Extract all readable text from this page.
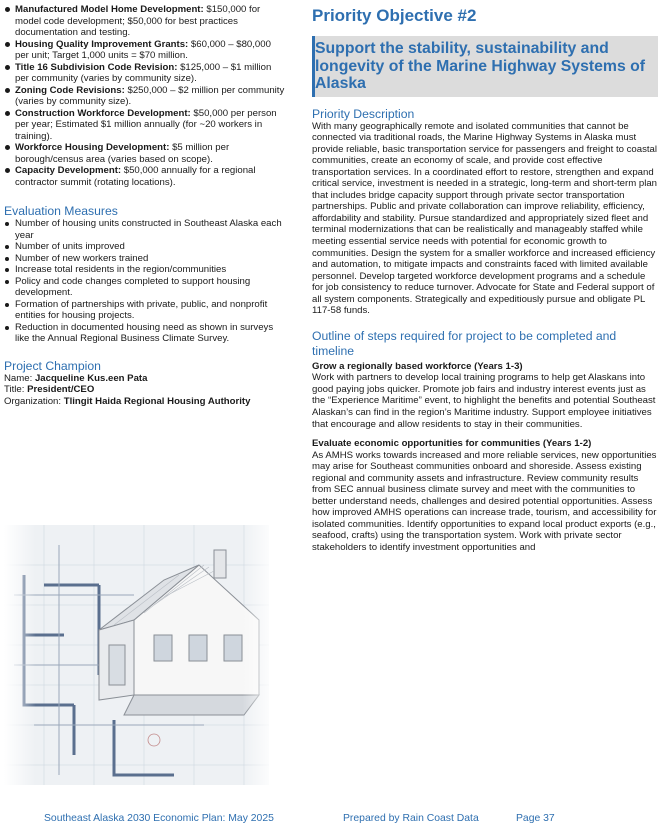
Manufactured Model Home Development: $150,000 for model code development; $50,000 for best practices documentation and testing.
Housing Quality Improvement Grants: $60,000 – $80,000 per unit; Target 1,000 units = $70 million.
Title 16 Subdivision Code Revision: $125,000 – $1 million per community (varies by community size).
Zoning Code Revisions: $250,000 – $2 million per community (varies by community size).
Construction Workforce Development: $50,000 per person per year; Estimated $1 million annually (for ~20 workers in training).
Workforce Housing Development: $5 million per borough/census area (varies based on scope).
Capacity Development: $50,000 annually for a regional contractor summit (rotating locations).
Evaluation Measures
Number of housing units constructed in Southeast Alaska each year
Number of units improved
Number of new workers trained
Increase total residents in the region/communities
Policy and code changes completed to support housing development.
Formation of partnerships with private, public, and nonprofit entities for housing projects.
Reduction in documented housing need as shown in surveys like the Annual Regional Business Climate Survey.
Project Champion
Name: Jacqueline Kus.een Pata
Title: President/CEO
Organization: Tlingit Haida Regional Housing Authority
Priority Objective #2
Support the stability, sustainability and longevity of the Marine Highway Systems of Alaska
Priority Description

With many geographically remote and isolated communities that cannot be connected via traditional roads, the Marine Highway Systems in Alaska must provide reliable, basic transportation service for passengers and freight to coastal communities, create an economy of scale, and provide cost effective transportation services. In a coordinated effort to restore, strengthen and expand critical service, investment is needed in a strategic, long-term and short-term plan that includes bridge capacity support through private sector transportation partnerships. Public and private collaboration can improve reliability, efficiency, affordability and stability. Pursue standardized and appropriately sized fleet and terminal modernizations that can be realistically and manageably staffed while meeting essential service needs with potential for economic growth to communities. Design the system for a smaller workforce and increased efficiency and automation, to mitigate impacts and constraints faced with limited available personnel. Develop targeted workforce development programs and a schedule for job consistency to reduce turnover. Advocate for State and Federal support of all system components. Strategically and expeditiously pursue and obligate PL 117-58 funds.

Outline of steps required for project to be completed and timeline
Grow a regionally based workforce (Years 1-3)

Work with partners to develop local training programs to help get Alaskans into good paying jobs quicker. Promote job fairs and industry interest events just as the “Experience Maritime” event, to highlight the benefits and potential Southeast Alaskan’s can find in the region’s Maritime industry. Support employee initiatives that encourage and allow residents to stay in their communities.

Evaluate economic opportunities for communities (Years 1-2)

As AMHS works towards increased and more reliable services, new opportunities may arise for Southeast communities onboard and shoreside. Assess existing regional and community assets and infrastructure. Review community results from SEC annual business climate survey and meet with the communities to better understand needs, challenges and desired potential opportunities. Assess how improved AMHS operations can increase trade, tourism, and accessibility for isolated communities. Identify opportunities to expand local product exports (e.g., seafood, crafts) using the transportation system. Work with private sector stakeholders to identify investment opportunities and

Southeast Alaska 2030 Economic Plan: May 2025	Prepared by Rain Coast Data	Page 37
